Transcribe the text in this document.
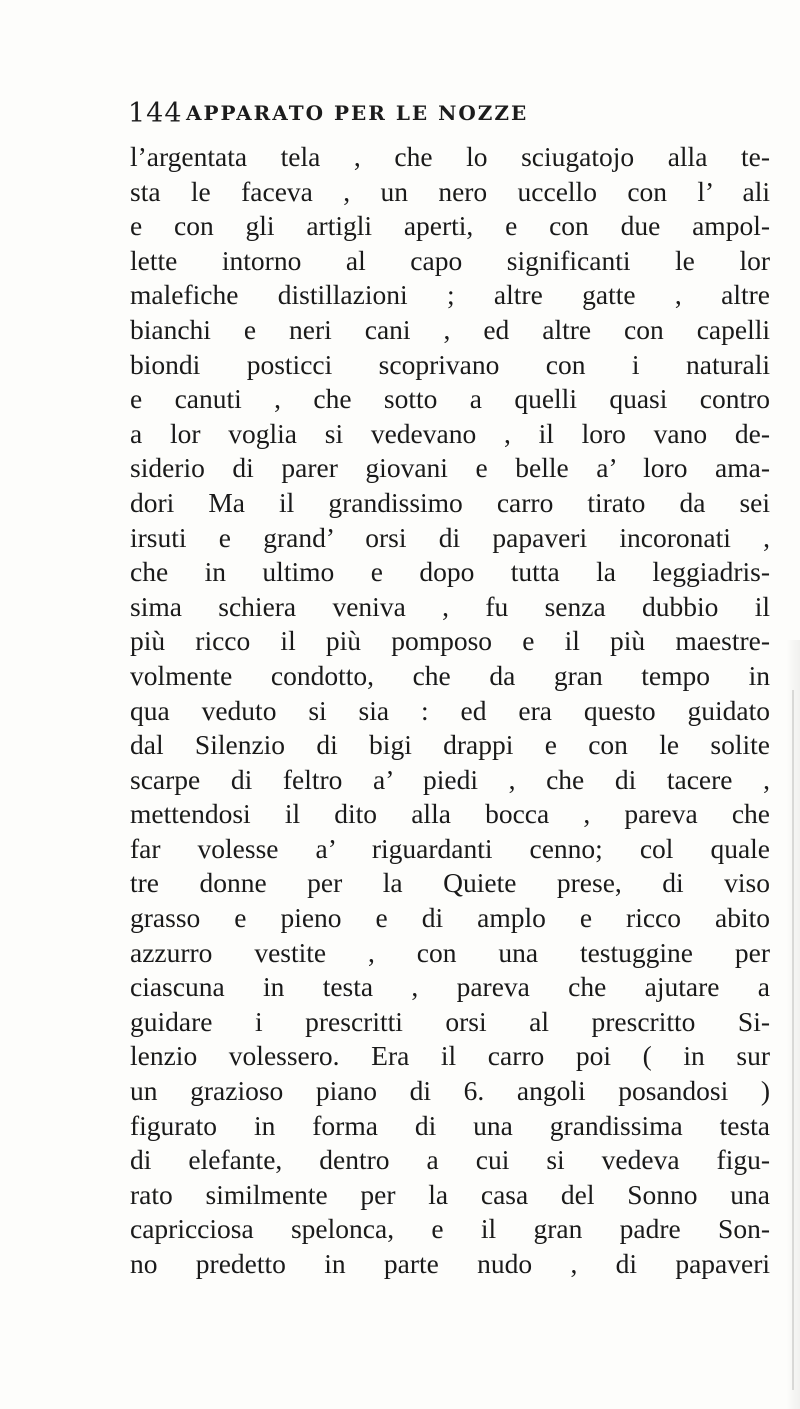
144 APPARATO PER LE NOZZE
l’argentata tela , che lo sciugatojo alla te-
sta le faceva , un nero uccello con l’ ali
e con gli artigli aperti, e con due ampol-
lette intorno al capo significanti le lor
malefiche distillazioni ; altre gatte , altre
bianchi e neri cani , ed altre con capelli
biondi posticci scoprivano con i naturali
e canuti , che sotto a quelli quasi contro
a lor voglia si vedevano , il loro vano de-
siderio di parer giovani e belle a’ loro ama-
dori Ma il grandissimo carro tirato da sei
irsuti e grand’ orsi di papaveri incoronati ,
che in ultimo e dopo tutta la leggiadris-
sima schiera veniva , fu senza dubbio il
più ricco il più pomposo e il più maestre-
volmente condotto, che da gran tempo in
qua veduto si sia : ed era questo guidato
dal Silenzio di bigi drappi e con le solite
scarpe di feltro a’ piedi , che di tacere ,
mettendosi il dito alla bocca , pareva che
far volesse a’ riguardanti cenno; col quale
tre donne per la Quiete prese, di viso
grasso e pieno e di amplo e ricco abito
azzurro vestite , con una testuggine per
ciascuna in testa , pareva che ajutare a
guidare i prescritti orsi al prescritto Si-
lenzio volessero. Era il carro poi ( in sur
un grazioso piano di 6. angoli posandosi )
figurato in forma di una grandissima testa
di elefante, dentro a cui si vedeva figu-
rato similmente per la casa del Sonno una
capricciosa spelonca, e il gran padre Son-
no predetto in parte nudo , di papaveri
